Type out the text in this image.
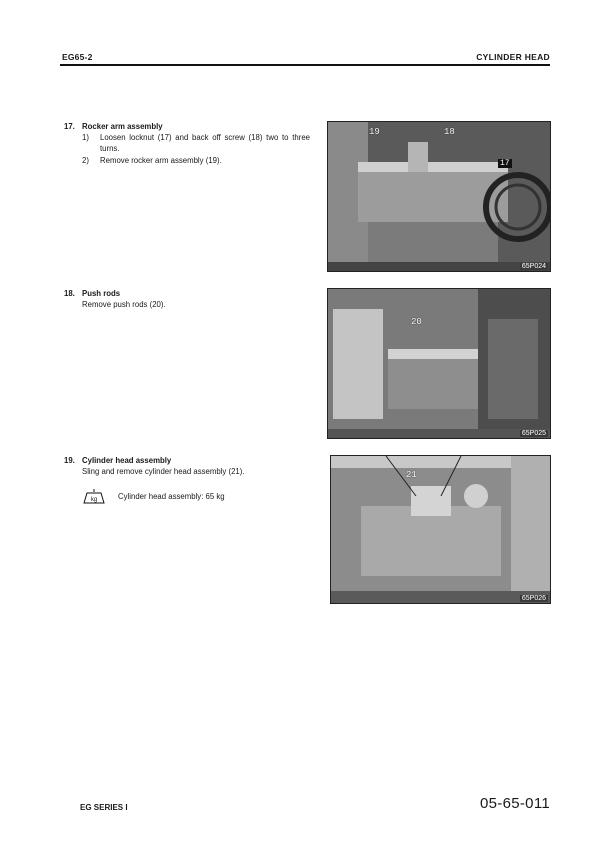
EG65-2	CYLINDER HEAD
17. Rocker arm assembly
1) Loosen locknut (17) and back off screw (18) two to three turns.
2) Remove rocker arm assembly (19).
19	18
17
65P024
18. Push rods
Remove push rods (20).
20
65P025
19. Cylinder head assembly
Sling and remove cylinder head assembly (21).
kg	Cylinder head assembly: 65 kg
21
65P026
EG SERIES I	05-65-011
